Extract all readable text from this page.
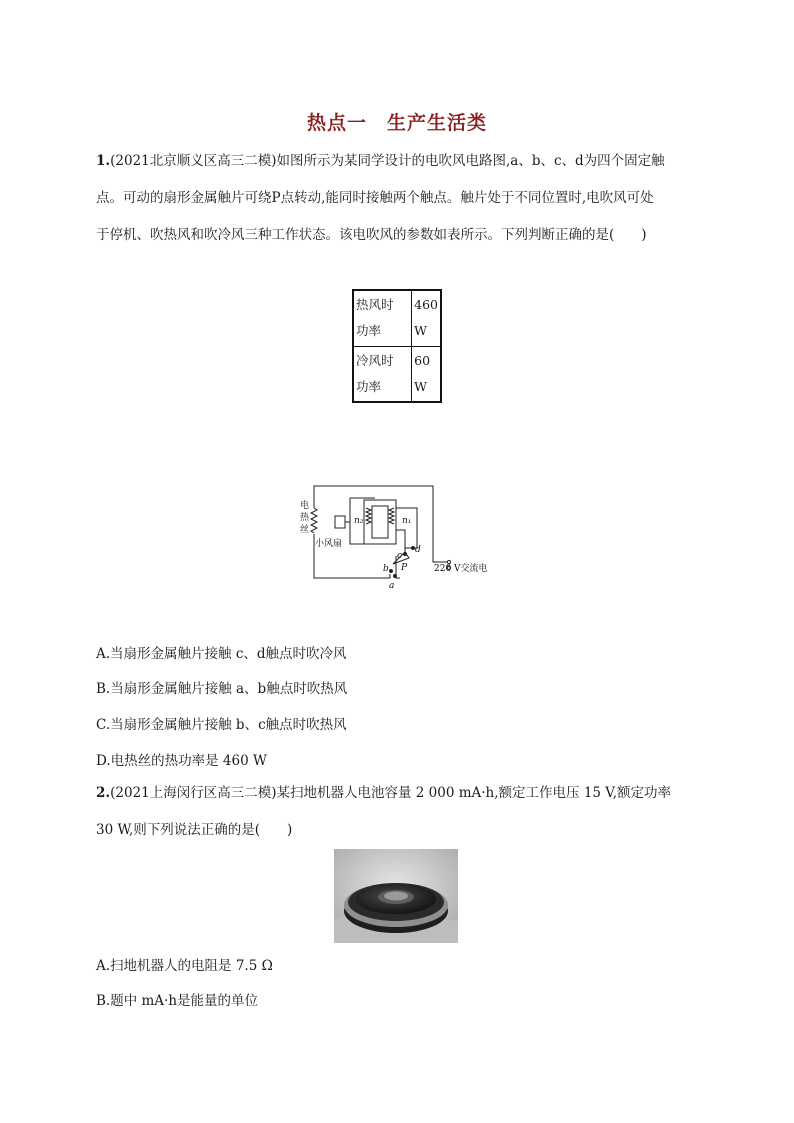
热点一　生产生活类

1.(2021北京顺义区高三二模)如图所示为某同学设计的电吹风电路图,a、b、c、d为四个固定触

点。可动的扇形金属触片可绕P点转动,能同时接触两个触点。触片处于不同位置时,电吹风可处

于停机、吹热风和吹冷风三种工作状态。该电吹风的参数如表所示。下列判断正确的是(　　)

热风时
功率	460
W
冷风时
功率	60 W
电
热
丝
小风扇
n₂	n₁
c
d
b
a
P	220 V交流电

A.当扇形金属触片接触 c、d触点时吹冷风

B.当扇形金属触片接触 a、b触点时吹热风

C.当扇形金属触片接触 b、c触点时吹热风

D.电热丝的热功率是 460 W

2.(2021上海闵行区高三二模)某扫地机器人电池容量 2 000 mA·h,额定工作电压 15 V,额定功率

30 W,则下列说法正确的是(　　)

A.扫地机器人的电阻是 7.5 Ω

B.题中 mA·h是能量的单位
